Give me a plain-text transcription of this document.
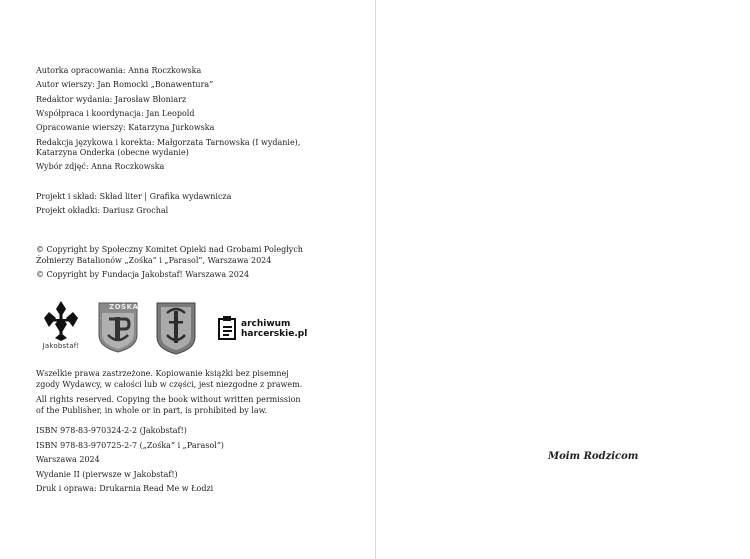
Autorka opracowania: Anna Roczkowska
Autor wierszy: Jan Romocki „Bonawentura”
Redaktor wydania: Jarosław Błoniarz
Współpraca i koordynacja: Jan Leopold
Opracowanie wierszy: Katarzyna Jurkowska
Redakcja językowa i korekta: Małgorzata Tarnowska (I wydanie),
Katarzyna Onderka (obecne wydanie)
Wybór zdjęć: Anna Roczkowska
Projekt i skład: Skład liter | Grafika wydawnicza
Projekt okładki: Dariusz Grochal
© Copyright by Społeczny Komitet Opieki nad Grobami Poległych
Żołnierzy Batalionów „Zośka” i „Parasol”, Warszawa 2024
© Copyright by Fundacja Jakobstaf! Warszawa 2024
Jakobstaf!
ZOŚKA
archiwum
harcerskie.pl
Wszelkie prawa zastrzeżone. Kopiowanie książki bez pisemnej
zgody Wydawcy, w całości lub w części, jest niezgodne z prawem.
All rights reserved. Copying the book without written permission
of the Publisher, in whole or in part, is prohibited by law.
ISBN 978-83-970324-2-2 (Jakobstaf!)
ISBN 978-83-970725-2-7 („Zośka” i „Parasol”)
Warszawa 2024
Wydanie II (pierwsze w Jakobstaf!)
Druk i oprawa: Drukarnia Read Me w Łodzi
Moim Rodzicom
